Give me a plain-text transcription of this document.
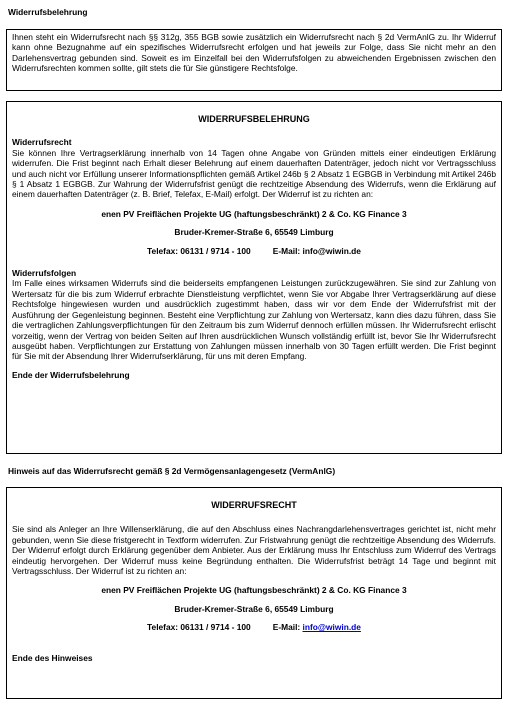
Widerrufsbelehrung
Ihnen steht ein Widerrufsrecht nach §§ 312g, 355 BGB sowie zusätzlich ein Widerrufsrecht nach § 2d VermAnlG zu. Ihr Widerruf kann ohne Bezugnahme auf ein spezifisches Widerrufsrecht erfolgen und hat jeweils zur Folge, dass Sie nicht mehr an den Darlehensvertrag gebunden sind. Soweit es im Einzelfall bei den Widerrufsfolgen zu abweichenden Ergebnissen zwischen den Widerrufsrechten kommen sollte, gilt stets die für Sie günstigere Rechtsfolge.
WIDERRUFSBELEHRUNG
Widerrufsrecht
Sie können Ihre Vertragserklärung innerhalb von 14 Tagen ohne Angabe von Gründen mittels einer eindeutigen Erklärung widerrufen. Die Frist beginnt nach Erhalt dieser Belehrung auf einem dauerhaften Datenträger, jedoch nicht vor Vertragsschluss und auch nicht vor Erfüllung unserer Informationspflichten gemäß Artikel 246b § 2 Absatz 1 EGBGB in Verbindung mit Artikel 246b § 1 Absatz 1 EGBGB. Zur Wahrung der Widerrufsfrist genügt die rechtzeitige Absendung des Widerrufs, wenn die Erklärung auf einem dauerhaften Datenträger (z. B. Brief, Telefax, E-Mail) erfolgt. Der Widerruf ist zu richten an:
enen PV Freiflächen Projekte UG (haftungsbeschränkt) 2 & Co. KG Finance 3
Bruder-Kremer-Straße 6, 65549 Limburg
Telefax: 06131 / 9714 - 100	E-Mail: info@wiwin.de
Widerrufsfolgen
Im Falle eines wirksamen Widerrufs sind die beiderseits empfangenen Leistungen zurückzugewähren. Sie sind zur Zahlung von Wertersatz für die bis zum Widerruf erbrachte Dienstleistung verpflichtet, wenn Sie vor Abgabe Ihrer Vertragserklärung auf diese Rechtsfolge hingewiesen wurden und ausdrücklich zugestimmt haben, dass wir vor dem Ende der Widerrufsfrist mit der Ausführung der Gegenleistung beginnen. Besteht eine Verpflichtung zur Zahlung von Wertersatz, kann dies dazu führen, dass Sie die vertraglichen Zahlungsverpflichtungen für den Zeitraum bis zum Widerruf dennoch erfüllen müssen. Ihr Widerrufsrecht erlischt vorzeitig, wenn der Vertrag von beiden Seiten auf Ihren ausdrücklichen Wunsch vollständig erfüllt ist, bevor Sie Ihr Widerrufsrecht ausgeübt haben. Verpflichtungen zur Erstattung von Zahlungen müssen innerhalb von 30 Tagen erfüllt werden. Die Frist beginnt für Sie mit der Absendung Ihrer Widerrufserklärung, für uns mit deren Empfang.
Ende der Widerrufsbelehrung
Hinweis auf das Widerrufsrecht gemäß § 2d Vermögensanlagengesetz (VermAnlG)
WIDERRUFSRECHT
Sie sind als Anleger an Ihre Willenserklärung, die auf den Abschluss eines Nachrangdarlehensvertrages gerichtet ist, nicht mehr gebunden, wenn Sie diese fristgerecht in Textform widerrufen. Zur Fristwahrung genügt die rechtzeitige Absendung des Widerrufs. Der Widerruf erfolgt durch Erklärung gegenüber dem Anbieter. Aus der Erklärung muss Ihr Entschluss zum Widerruf des Vertrags eindeutig hervorgehen. Der Widerruf muss keine Begründung enthalten. Die Widerrufsfrist beträgt 14 Tage und beginnt mit Vertragsschluss. Der Widerruf ist zu richten an:
enen PV Freiflächen Projekte UG (haftungsbeschränkt) 2 & Co. KG Finance 3
Bruder-Kremer-Straße 6, 65549 Limburg
Telefax: 06131 / 9714 - 100	E-Mail: info@wiwin.de
Ende des Hinweises
